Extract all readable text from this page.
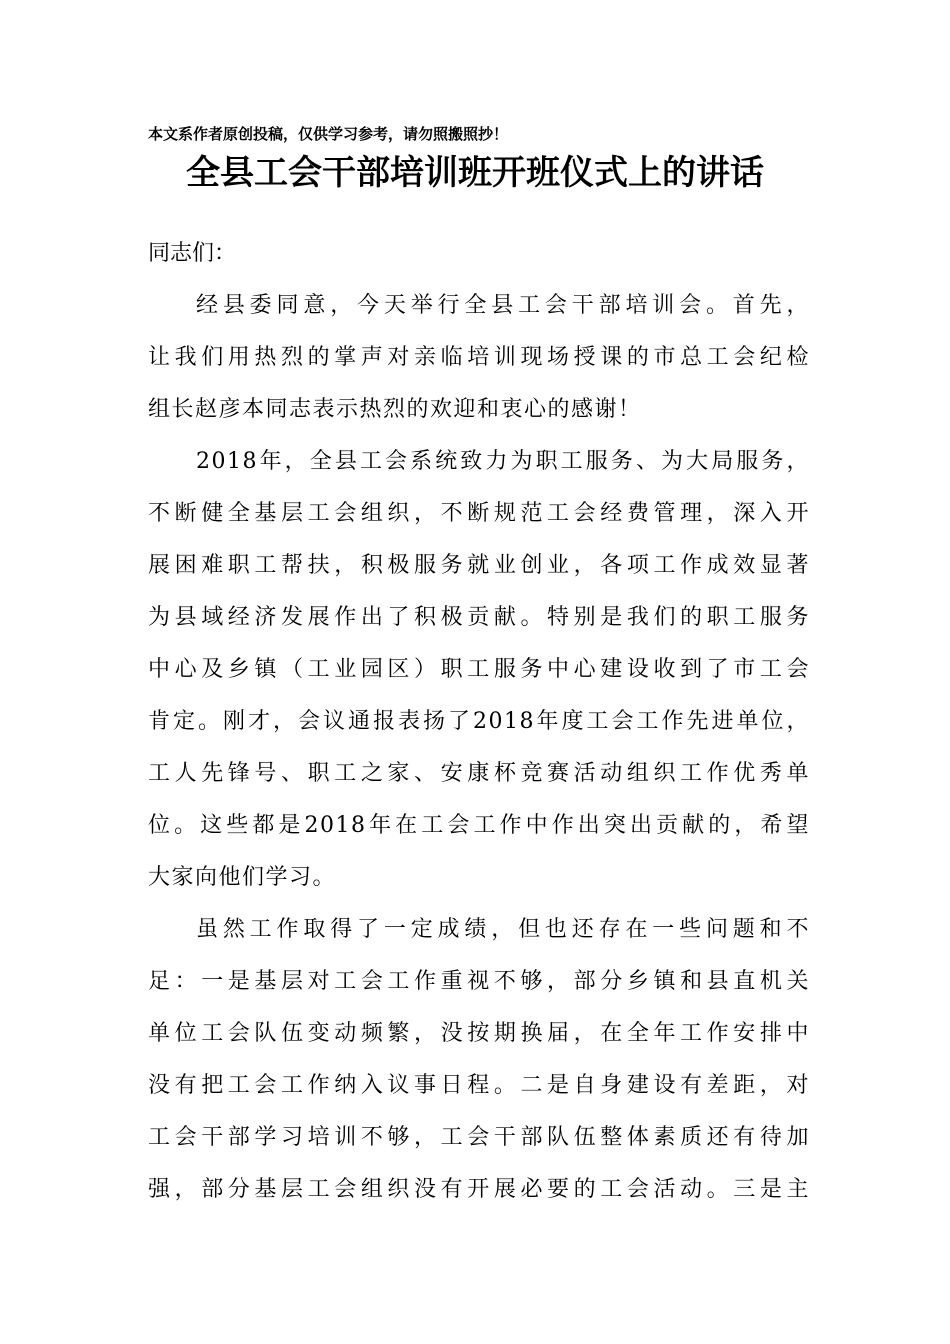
本文系作者原创投稿，仅供学习参考，请勿照搬照抄！
全县工会干部培训班开班仪式上的讲话

同志们：

经县委同意，今天举行全县工会干部培训会。首先，
让我们用热烈的掌声对亲临培训现场授课的市总工会纪检
组长赵彦本同志表示热烈的欢迎和衷心的感谢！

2018年，全县工会系统致力为职工服务、为大局服务，
不断健全基层工会组织，不断规范工会经费管理，深入开
展困难职工帮扶，积极服务就业创业，各项工作成效显著
为县域经济发展作出了积极贡献。特别是我们的职工服务
中心及乡镇（工业园区）职工服务中心建设收到了市工会
肯定。刚才，会议通报表扬了2018年度工会工作先进单位，
工人先锋号、职工之家、安康杯竞赛活动组织工作优秀单
位。这些都是2018年在工会工作中作出突出贡献的，希望
大家向他们学习。

虽然工作取得了一定成绩，但也还存在一些问题和不
足：一是基层对工会工作重视不够，部分乡镇和县直机关
单位工会队伍变动频繁，没按期换届，在全年工作安排中
没有把工会工作纳入议事日程。二是自身建设有差距，对
工会干部学习培训不够，工会干部队伍整体素质还有待加
强，部分基层工会组织没有开展必要的工会活动。三是主
